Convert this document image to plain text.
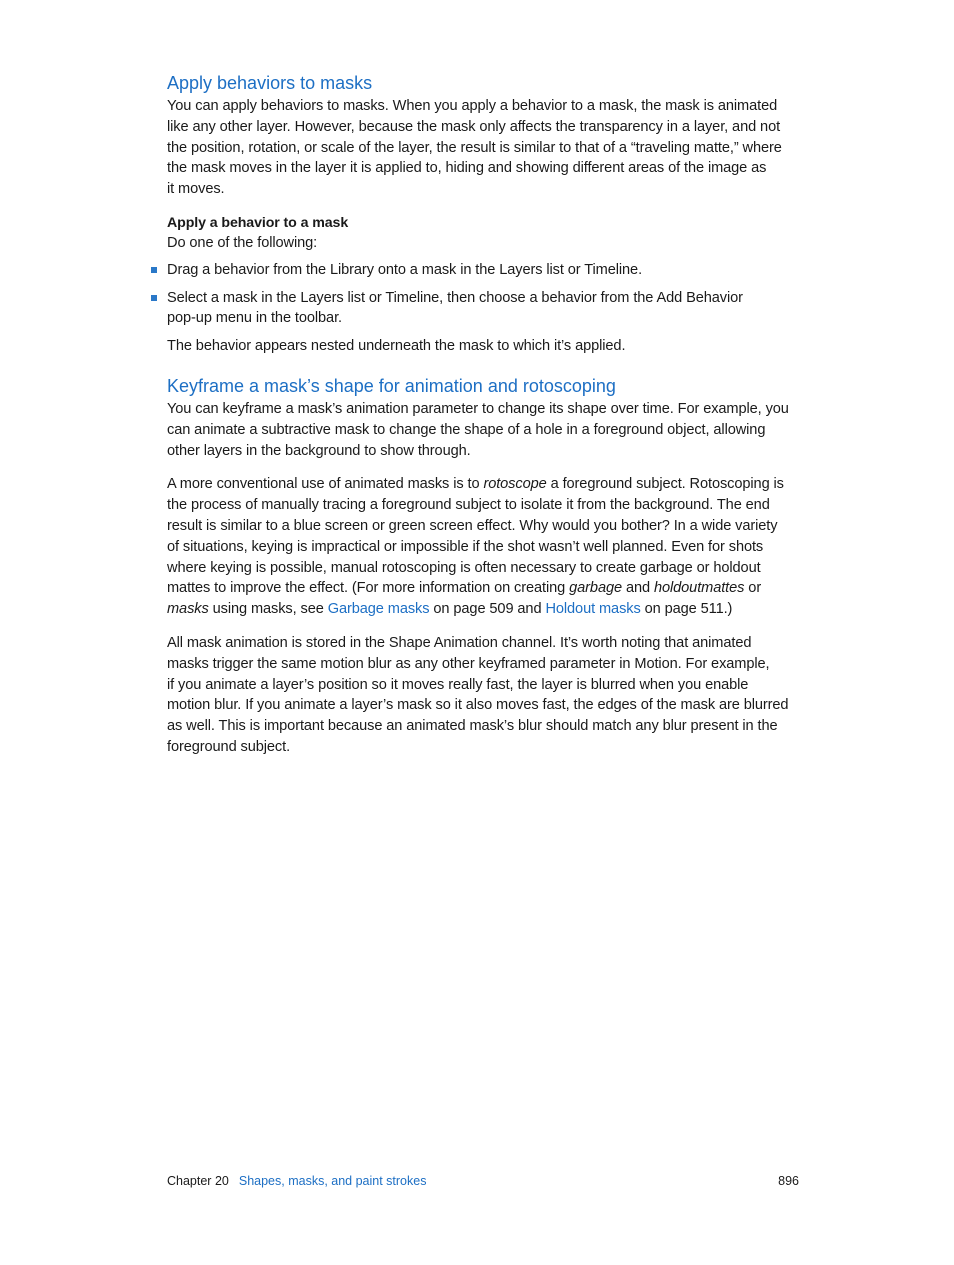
Apply behaviors to masks

You can apply behaviors to masks. When you apply a behavior to a mask, the mask is animated
like any other layer. However, because the mask only affects the transparency in a layer, and not
the position, rotation, or scale of the layer, the result is similar to that of a “traveling matte,” where
the mask moves in the layer it is applied to, hiding and showing different areas of the image as
it moves.

Apply a behavior to a mask

Do one of the following:

Drag a behavior from the Library onto a mask in the Layers list or Timeline.
Select a mask in the Layers list or Timeline, then choose a behavior from the Add Behavior
pop-up menu in the toolbar.

The behavior appears nested underneath the mask to which it’s applied.

Keyframe a mask’s shape for animation and rotoscoping

You can keyframe a mask’s animation parameter to change its shape over time. For example, you
can animate a subtractive mask to change the shape of a hole in a foreground object, allowing
other layers in the background to show through.

A more conventional use of animated masks is to rotoscope a foreground subject. Rotoscoping is
the process of manually tracing a foreground subject to isolate it from the background. The end
result is similar to a blue screen or green screen effect. Why would you bother? In a wide variety
of situations, keying is impractical or impossible if the shot wasn’t well planned. Even for shots
where keying is possible, manual rotoscoping is often necessary to create garbage or holdout
mattes to improve the effect. (For more information on creating garbage and holdoutmattes or
masks using masks, see Garbage masks on page 509 and Holdout masks on page 511.)

All mask animation is stored in the Shape Animation channel. It’s worth noting that animated
masks trigger the same motion blur as any other keyframed parameter in Motion. For example,
if you animate a layer’s position so it moves really fast, the layer is blurred when you enable
motion blur. If you animate a layer’s mask so it also moves fast, the edges of the mask are blurred
as well. This is important because an animated mask’s blur should match any blur present in the
foreground subject.

Chapter 20 Shapes, masks, and paint strokes	896
